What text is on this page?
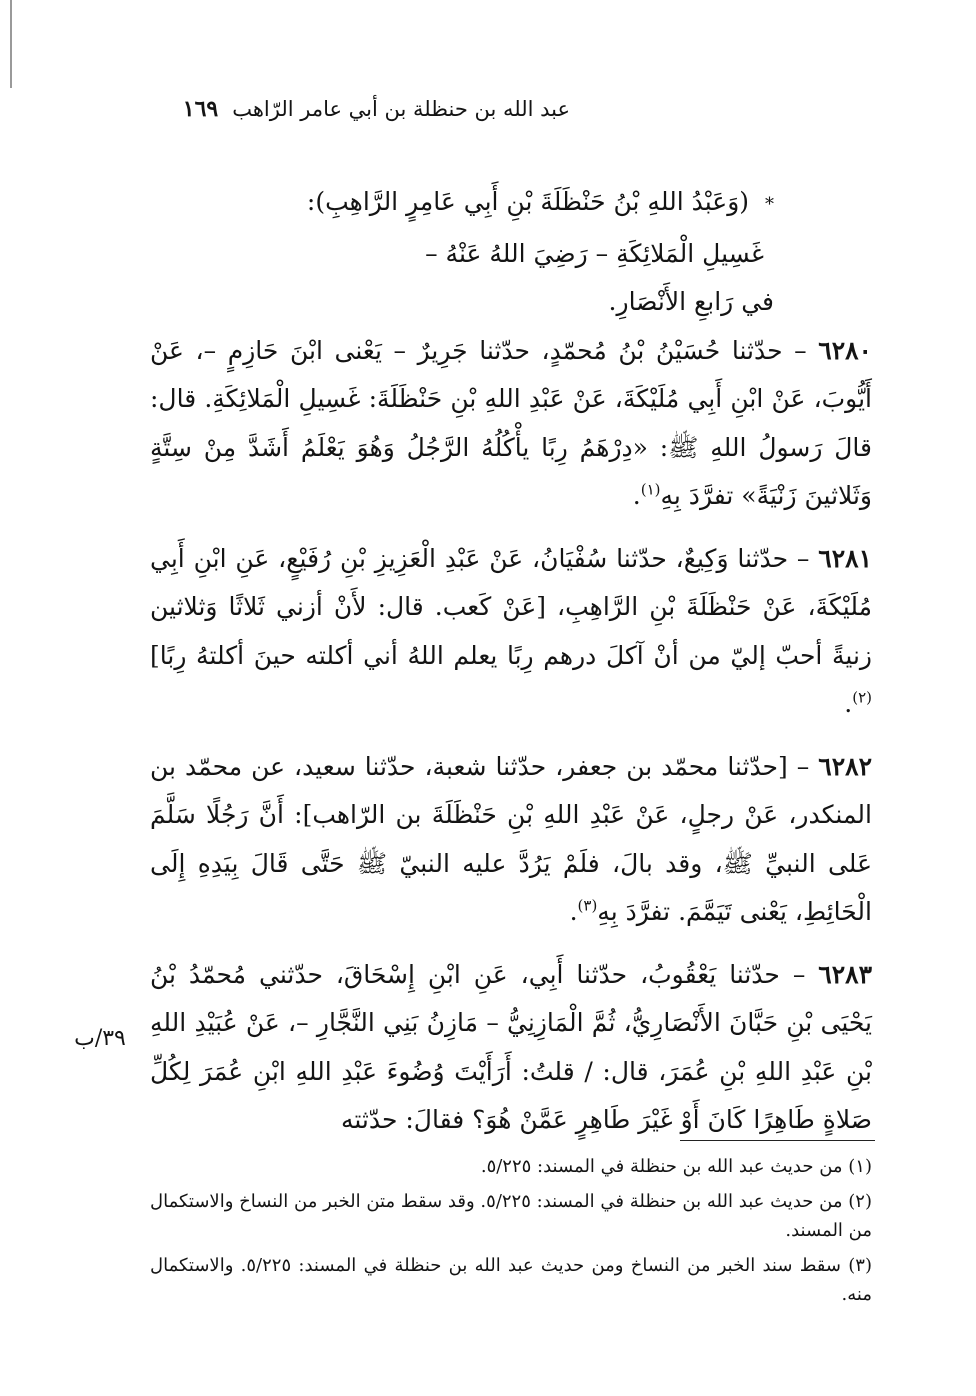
عبد الله بن حنظلة بن أبي عامر الرّاهب
١٦٩
* (وَعَبْدُ اللهِ بْنُ حَنْظَلَةَ بْنِ أَبِي عَامِرٍ الرَّاهِبِ):
غَسِيلِ الْمَلائِكَةِ – رَضِيَ اللهُ عَنْهُ –
في رَابعِ الأَنْصَارِ.

٦٢٨٠ – حدّثنا حُسَيْنُ بْنُ مُحمّدٍ، حدّثنا جَرِيرٌ – يَعْنى ابْنَ حَازِمٍ –، عَنْ أَيُّوبَ، عَنْ ابْنِ أَبِي مُلَيْكَةَ، عَنْ عَبْدِ اللهِ بْنِ حَنْظَلَةَ: غَسِيلِ الْمَلائِكَةِ. قال: قالَ رَسولُ اللهِ ﷺ: «دِرْهَمُ رِبًا يأْكُلُهُ الرَّجُلُ وَهُوَ يَعْلَمُ أَشَدَّ مِنْ سِتَّةٍ وَثَلاثينَ زَنْيَةً» تفرَّدَ بِهِ$^{(١)}$.

٦٢٨١ – حدّثنا وَكِيعٌ، حدّثنا سُفْيَانُ، عَنْ عَبْدِ الْعَزِيزِ بْنِ رُفَيْعٍ، عَنِ ابْنِ أَبِي مُلَيْكَةَ، عَنْ حَنْظَلَةَ بْنِ الرَّاهِبِ، [عَنْ كَعب. قال: لأَنْ أزني ثَلاثًا وَثلاثين زنيةً أحبّ إليّ من أنْ آكلَ درهم رِبًا يعلم اللهُ أني أكلته حينَ أكلتهُ رِبًا]$^{(٢)}$.

٦٢٨٢ – [حدّثنا محمّد بن جعفر، حدّثنا شعبة، حدّثنا سعيد، عن محمّد بن المنكدر، عَنْ رجلٍ، عَنْ عَبْدِ اللهِ بْنِ حَنْظَلَةَ بن الرّاهب]: أَنَّ رَجُلًا سَلَّمَ عَلى النبيِّ ﷺ، وقد بالَ، فلَمْ يَرُدَّ عليه النبيّ ﷺ حَتَّى قَالَ بِيَدِهِ إِلَى الْحَائِطِ، يَعْنى تَيَمَّمَ. تفرَّدَ بِهِ$^{(٣)}$.

٦٢٨٣ – حدّثنا يَعْقُوبُ، حدّثنا أَبِي، عَنِ ابْنِ إِسْحَاقَ، حدّثني مُحمّدُ بْنُ يَحْيَى بْنِ حَبَّانَ الأَنْصَارِيُّ، ثُمَّ الْمَازِنِيُّ – مَازِنُ بَنِي النَّجَّارِ –، عَنْ عُبَيْدِ اللهِ بْنِ عَبْدِ اللهِ بْنِ عُمَرَ، قال: / قلتُ: أَرَأَيْتَ وُضُوءَ عَبْدِ اللهِ ابْنِ عُمَرَ لِكُلِّ صَلاةٍ طَاهِرًا كَانَ أَوْ غَيْرَ طَاهِرٍ عَمَّنْ هُوَ؟ فقالَ: حدّثته

٣٩/ب

(١) من حديث عبد الله بن حنظلة في المسند: ٥/٢٢٥.

(٢) من حديث عبد الله بن حنظلة في المسند: ٥/٢٢٥. وقد سقط متن الخبر من النساخ والاستكمال من المسند.

(٣) سقط سند الخبر من النساخ ومن حديث عبد الله بن حنظلة في المسند: ٥/٢٢٥. والاستكمال منه.
